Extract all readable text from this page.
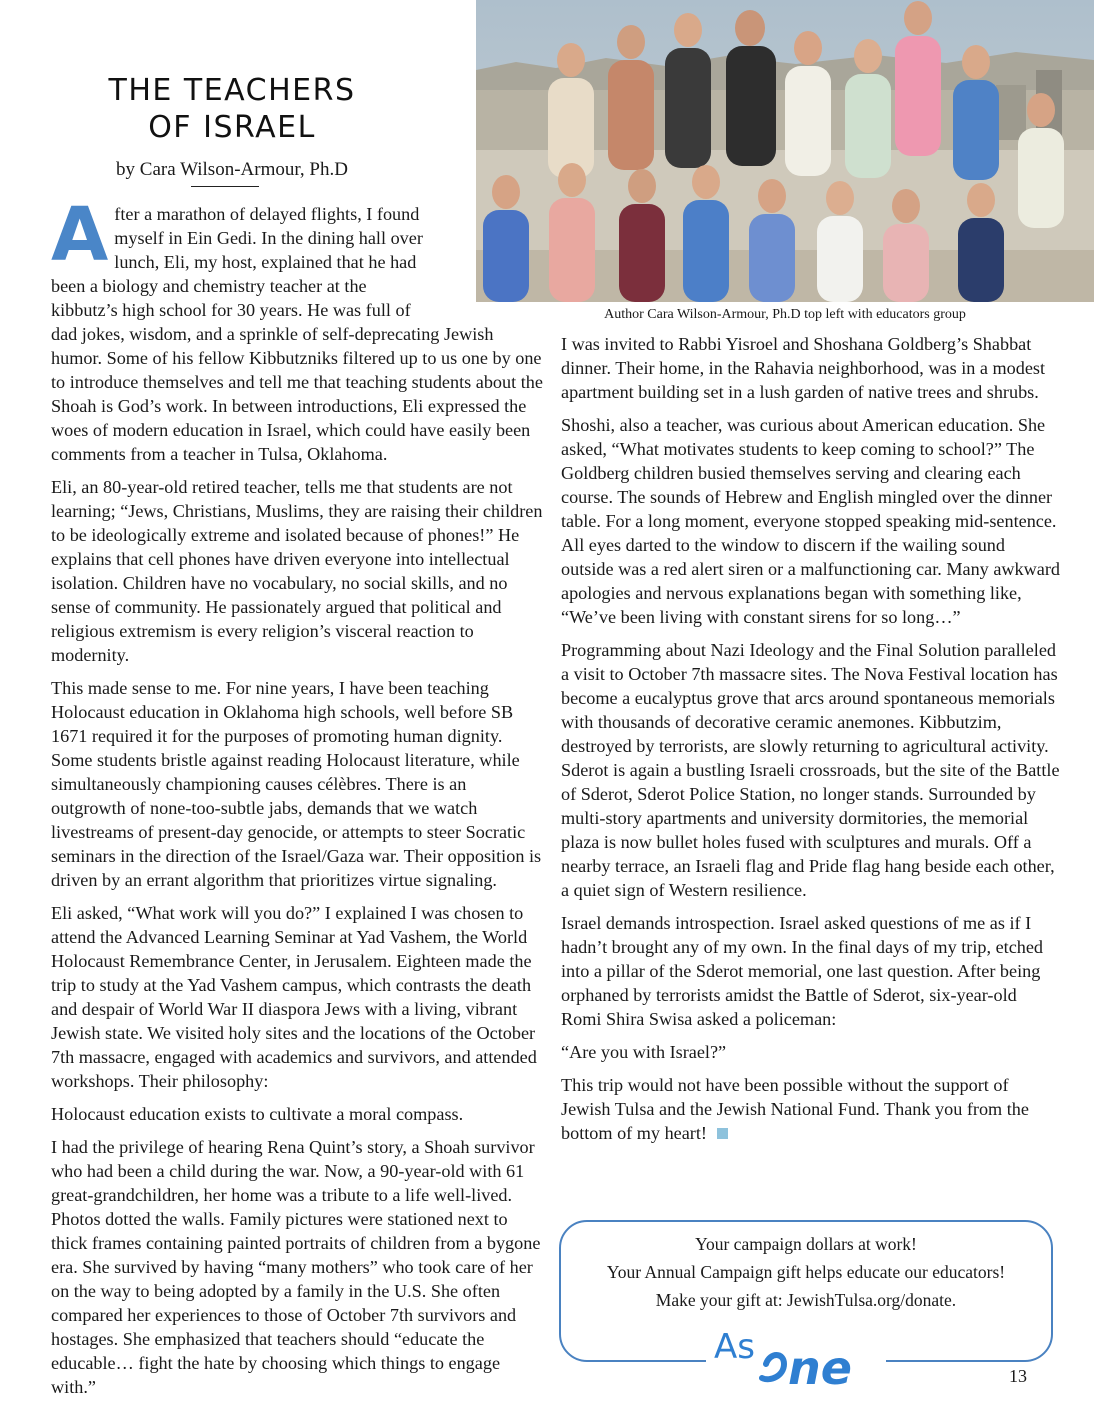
THE TEACHERS
OF ISRAEL

by Cara Wilson-Armour, Ph.D

Author Cara Wilson-Armour, Ph.D top left with educators group

After a marathon of delayed flights, I found myself in Ein Gedi. In the dining hall over lunch, Eli, my host, explained that he had been a biology and chemistry teacher at the kibbutz’s high school for 30 years. He was full of dad jokes, wisdom, and a sprinkle of self-deprecating Jewish humor. Some of his fellow Kibbutzniks filtered up to us one by one to introduce themselves and tell me that teaching students about the Shoah is God’s work. In between introductions, Eli expressed the woes of modern education in Israel, which could have easily been comments from a teacher in Tulsa, Oklahoma.

Eli, an 80-year-old retired teacher, tells me that students are not learning; “Jews, Christians, Muslims, they are raising their children to be ideologically extreme and isolated because of phones!” He explains that cell phones have driven everyone into intellectual isolation. Children have no vocabulary, no social skills, and no sense of community. He passionately argued that political and religious extremism is every religion’s visceral reaction to modernity.

This made sense to me. For nine years, I have been teaching Holocaust education in Oklahoma high schools, well before SB 1671 required it for the purposes of promoting human dignity. Some students bristle against reading Holocaust literature, while simultaneously championing causes célèbres. There is an outgrowth of none-too-subtle jabs, demands that we watch livestreams of present-day genocide, or attempts to steer Socratic seminars in the direction of the Israel/Gaza war. Their opposition is driven by an errant algorithm that prioritizes virtue signaling.

Eli asked, “What work will you do?” I explained I was chosen to attend the Advanced Learning Seminar at Yad Vashem, the World Holocaust Remembrance Center, in Jerusalem. Eighteen made the trip to study at the Yad Vashem campus, which contrasts the death and despair of World War II diaspora Jews with a living, vibrant Jewish state. We visited holy sites and the locations of the October 7th massacre, engaged with academics and survivors, and attended workshops. Their philosophy:

Holocaust education exists to cultivate a moral compass.

I had the privilege of hearing Rena Quint’s story, a Shoah survivor who had been a child during the war. Now, a 90-year-old with 61 great-grandchildren, her home was a tribute to a life well-lived. Photos dotted the walls. Family pictures were stationed next to thick frames containing painted portraits of children from a bygone era. She survived by having “many mothers” who took care of her on the way to being adopted by a family in the U.S. She often compared her experiences to those of October 7th survivors and hostages. She emphasized that teachers should “educate the educable… fight the hate by choosing which things to engage with.”

I was invited to Rabbi Yisroel and Shoshana Goldberg’s Shabbat dinner. Their home, in the Rahavia neighborhood, was in a modest apartment building set in a lush garden of native trees and shrubs.

Shoshi, also a teacher, was curious about American education. She asked, “What motivates students to keep coming to school?” The Goldberg children busied themselves serving and clearing each course. The sounds of Hebrew and English mingled over the dinner table. For a long moment, everyone stopped speaking mid-sentence. All eyes darted to the window to discern if the wailing sound outside was a red alert siren or a malfunctioning car. Many awkward apologies and nervous explanations began with something like, “We’ve been living with constant sirens for so long…”

Programming about Nazi Ideology and the Final Solution paralleled a visit to October 7th massacre sites. The Nova Festival location has become a eucalyptus grove that arcs around spontaneous memorials with thousands of decorative ceramic anemones. Kibbutzim, destroyed by terrorists, are slowly returning to agricultural activity. Sderot is again a bustling Israeli crossroads, but the site of the Battle of Sderot, Sderot Police Station, no longer stands. Surrounded by multi-story apartments and university dormitories, the memorial plaza is now bullet holes fused with sculptures and murals. Off a nearby terrace, an Israeli flag and Pride flag hang beside each other, a quiet sign of Western resilience.

Israel demands introspection. Israel asked questions of me as if I hadn’t brought any of my own. In the final days of my trip, etched into a pillar of the Sderot memorial, one last question. After being orphaned by terrorists amidst the Battle of Sderot, six-year-old Romi Shira Swisa asked a policeman:

“Are you with Israel?”

This trip would not have been possible without the support of Jewish Tulsa and the Jewish National Fund. Thank you from the bottom of my heart!

Your campaign dollars at work!

Your Annual Campaign gift helps educate our educators!

Make your gift at: JewishTulsa.org/donate.

As ne	13
